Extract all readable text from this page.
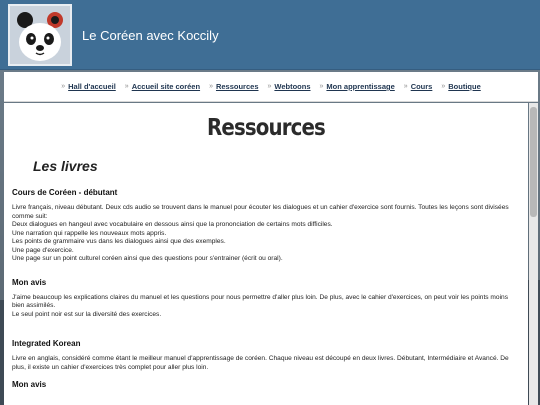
Le Coréen avec Koccily
» Hall d'accueil » Accueil site coréen » Ressources » Webtoons » Mon apprentissage » Cours » Boutique
Ressources
Les livres
Cours de Coréen - débutant

Livre français, niveau débutant. Deux cds audio se trouvent dans le manuel pour écouter les dialogues et un cahier d'exercice sont fournis. Toutes les leçons sont divisées comme suit:
Deux dialogues en hangeul avec vocabulaire en dessous ainsi que la prononciation de certains mots difficiles.
Une narration qui rappelle les nouveaux mots appris.
Les points de grammaire vus dans les dialogues ainsi que des exemples.
Une page d'exercice.
Une page sur un point culturel coréen ainsi que des questions pour s'entrainer (écrit ou oral).

Mon avis

J'aime beaucoup les explications claires du manuel et les questions pour nous permettre d'aller plus loin. De plus, avec le cahier d'exercices, on peut voir les points moins bien assimilés.
Le seul point noir est sur la diversité des exercices.

Integrated Korean

Livre en anglais, considéré comme étant le meilleur manuel d'apprentissage de coréen. Chaque niveau est découpé en deux livres. Débutant, Intermédiaire et Avancé. De plus, il existe un cahier d'exercices très complet pour aller plus loin.

Mon avis
